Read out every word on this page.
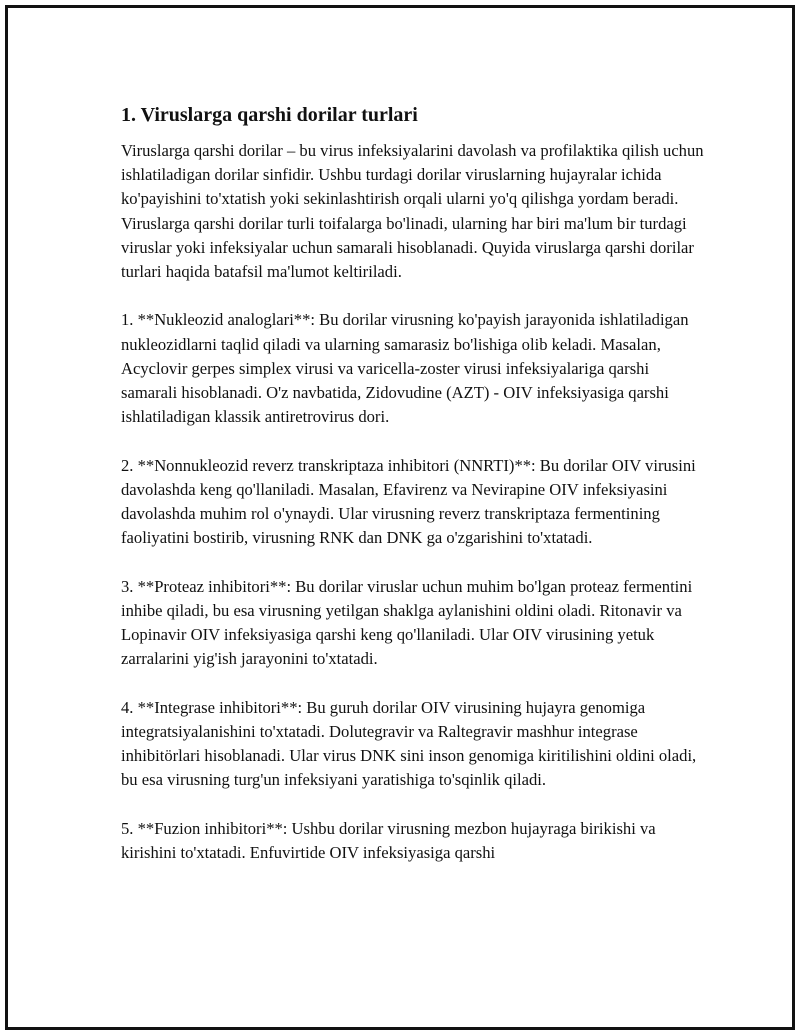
1. Viruslarga qarshi dorilar turlari

Viruslarga qarshi dorilar – bu virus infeksiyalarini davolash va profilaktika qilish uchun ishlatiladigan dorilar sinfidir. Ushbu turdagi dorilar viruslarning hujayralar ichida ko'payishini to'xtatish yoki sekinlashtirish orqali ularni yo'q qilishga yordam beradi. Viruslarga qarshi dorilar turli toifalarga bo'linadi, ularning har biri ma'lum bir turdagi viruslar yoki infeksiyalar uchun samarali hisoblanadi. Quyida viruslarga qarshi dorilar turlari haqida batafsil ma'lumot keltiriladi.

1. **Nukleozid analoglari**: Bu dorilar virusning ko'payish jarayonida ishlatiladigan nukleozidlarni taqlid qiladi va ularning samarasiz bo'lishiga olib keladi. Masalan, Acyclovir gerpes simplex virusi va varicella-zoster virusi infeksiyalariga qarshi samarali hisoblanadi. O'z navbatida, Zidovudine (AZT) - OIV infeksiyasiga qarshi ishlatiladigan klassik antiretrovirus dori.

2. **Nonnukleozid reverz transkriptaza inhibitori (NNRTI)**: Bu dorilar OIV virusini davolashda keng qo'llaniladi. Masalan, Efavirenz va Nevirapine OIV infeksiyasini davolashda muhim rol o'ynaydi. Ular virusning reverz transkriptaza fermentining faoliyatini bostirib, virusning RNK dan DNK ga o'zgarishini to'xtatadi.

3. **Proteaz inhibitori**: Bu dorilar viruslar uchun muhim bo'lgan proteaz fermentini inhibe qiladi, bu esa virusning yetilgan shaklga aylanishini oldini oladi. Ritonavir va Lopinavir OIV infeksiyasiga qarshi keng qo'llaniladi. Ular OIV virusining yetuk zarralarini yig'ish jarayonini to'xtatadi.

4. **Integrase inhibitori**: Bu guruh dorilar OIV virusining hujayra genomiga integratsiyalanishini to'xtatadi. Dolutegravir va Raltegravir mashhur integrase inhibitörlari hisoblanadi. Ular virus DNK sini inson genomiga kiritilishini oldini oladi, bu esa virusning turg'un infeksiyani yaratishiga to'sqinlik qiladi.

5. **Fuzion inhibitori**: Ushbu dorilar virusning mezbon hujayraga birikishi va kirishini to'xtatadi. Enfuvirtide OIV infeksiyasiga qarshi
